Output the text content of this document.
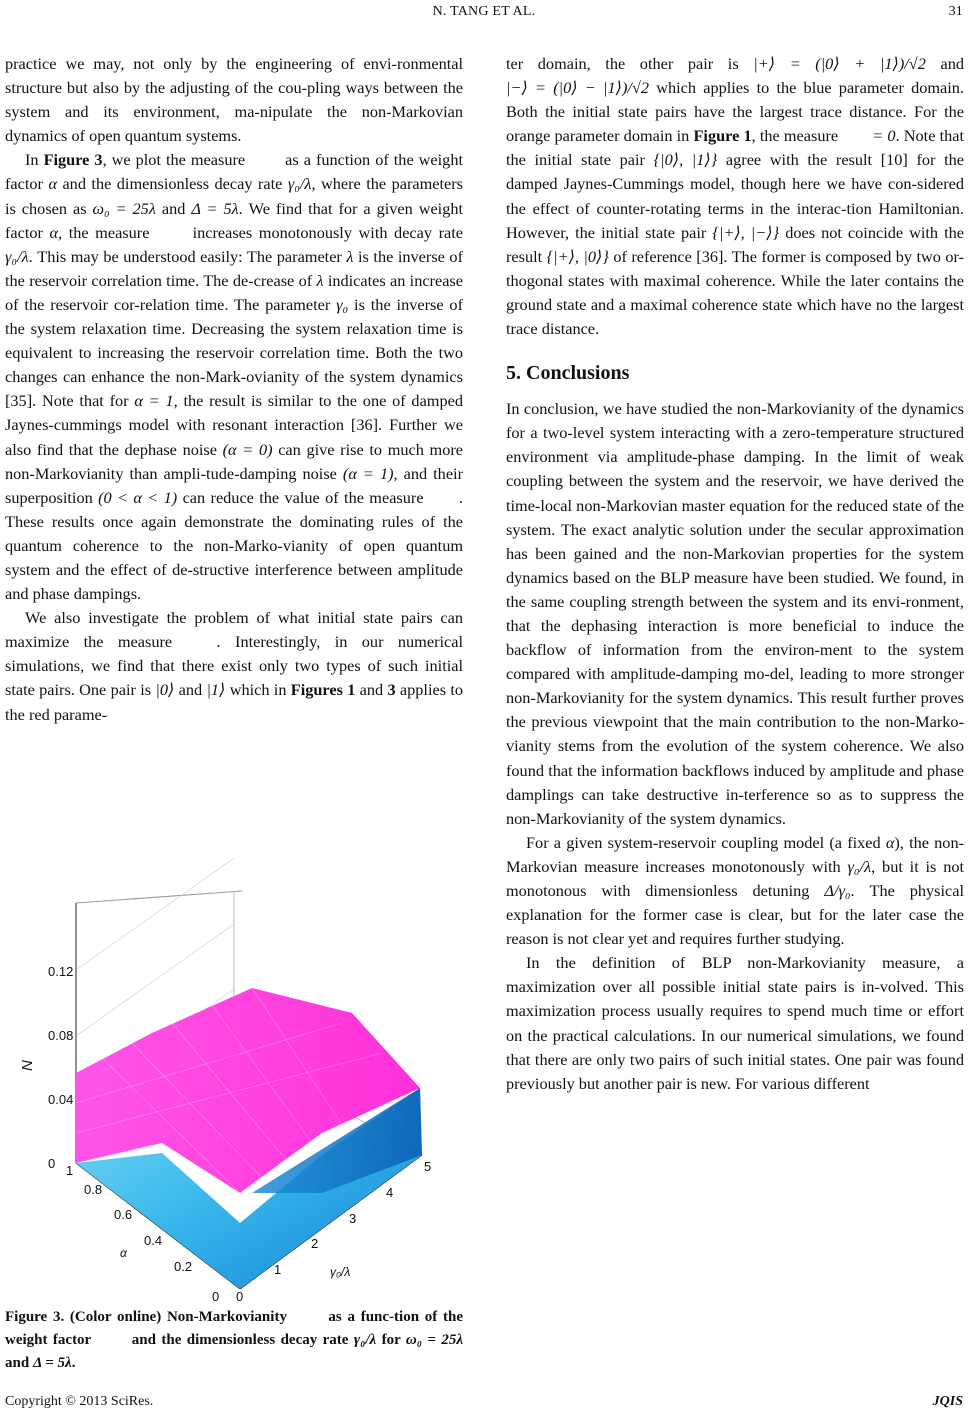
N. TANG ET AL.	31

practice we may, not only by the engineering of envi-ronmental structure but also by the adjusting of the cou-pling ways between the system and its environment, ma-nipulate the non-Markovian dynamics of open quantum systems.

In Figure 3, we plot the measure  as a function of the weight factor α and the dimensionless decay rate γ₀/λ, where the parameters is chosen as ω₀ = 25λ and Δ = 5λ. We find that for a given weight factor α, the measure  increases monotonously with decay rate γ₀/λ. This may be understood easily: The parameter λ is the inverse of the reservoir correlation time. The de-crease of λ indicates an increase of the reservoir cor-relation time. The parameter γ₀ is the inverse of the system relaxation time. Decreasing the system relaxation time is equivalent to increasing the reservoir correlation time. Both the two changes can enhance the non-Mark-ovianity of the system dynamics [35]. Note that for α = 1, the result is similar to the one of damped Jaynes-cummings model with resonant interaction [36]. Further we also find that the dephase noise (α = 0) can give rise to much more non-Markovianity than ampli-tude-damping noise (α = 1), and their superposition (0 < α < 1) can reduce the value of the measure . These results once again demonstrate the dominating rules of the quantum coherence to the non-Marko-vianity of open quantum system and the effect of de-structive interference between amplitude and phase dampings.

We also investigate the problem of what initial state pairs can maximize the measure . Interestingly, in our numerical simulations, we find that there exist only two types of such initial state pairs. One pair is |0⟩ and |1⟩ which in Figures 1 and 3 applies to the red parame-

0
0.04
0.08
0.12
N
0
0.2
0.4
0.6
0.8
1
α
0
1
2
3
4
5
γ₀/λ
Figure 3. (Color online) Non-Markovianity  as a func-tion of the weight factor  and the dimensionless decay rate γ₀/λ for ω₀ = 25λ and Δ = 5λ.

ter domain, the other pair is |+⟩ = (|0⟩ + |1⟩)/√2 and |−⟩ = (|0⟩ − |1⟩)/√2 which applies to the blue parameter domain. Both the initial state pairs have the largest trace distance. For the orange parameter domain in Figure 1, the measure = 0. Note that the initial state pair {|0⟩, |1⟩} agree with the result [10] for the damped Jaynes-Cummings model, though here we have con-sidered the effect of counter-rotating terms in the interac-tion Hamiltonian. However, the initial state pair {|+⟩, |−⟩} does not coincide with the result {|+⟩, |0⟩} of reference [36]. The former is composed by two or-thogonal states with maximal coherence. While the later contains the ground state and a maximal coherence state which have no the largest trace distance.

5. Conclusions

In conclusion, we have studied the non-Markovianity of the dynamics for a two-level system interacting with a zero-temperature structured environment via amplitude-phase damping. In the limit of weak coupling between the system and the reservoir, we have derived the time-local non-Markovian master equation for the reduced state of the system. The exact analytic solution under the secular approximation has been gained and the non-Markovian properties for the system dynamics based on the BLP measure have been studied. We found, in the same coupling strength between the system and its envi-ronment, that the dephasing interaction is more beneficial to induce the backflow of information from the environ-ment to the system compared with amplitude-damping mo-del, leading to more stronger non-Markovianity for the system dynamics. This result further proves the previous viewpoint that the main contribution to the non-Marko-vianity stems from the evolution of the system coherence. We also found that the information backflows induced by amplitude and phase damplings can take destructive in-terference so as to suppress the non-Markovianity of the system dynamics.

For a given system-reservoir coupling model (a fixed α), the non-Markovian measure increases monotonously with γ₀/λ, but it is not monotonous with dimensionless detuning Δ/γ₀. The physical explanation for the former case is clear, but for the later case the reason is not clear yet and requires further studying.

In the definition of BLP non-Markovianity measure, a maximization over all possible initial state pairs is in-volved. This maximization process usually requires to spend much time or effort on the practical calculations. In our numerical simulations, we found that there are only two pairs of such initial states. One pair was found previously but another pair is new. For various different

Copyright © 2013 SciRes.	JQIS
